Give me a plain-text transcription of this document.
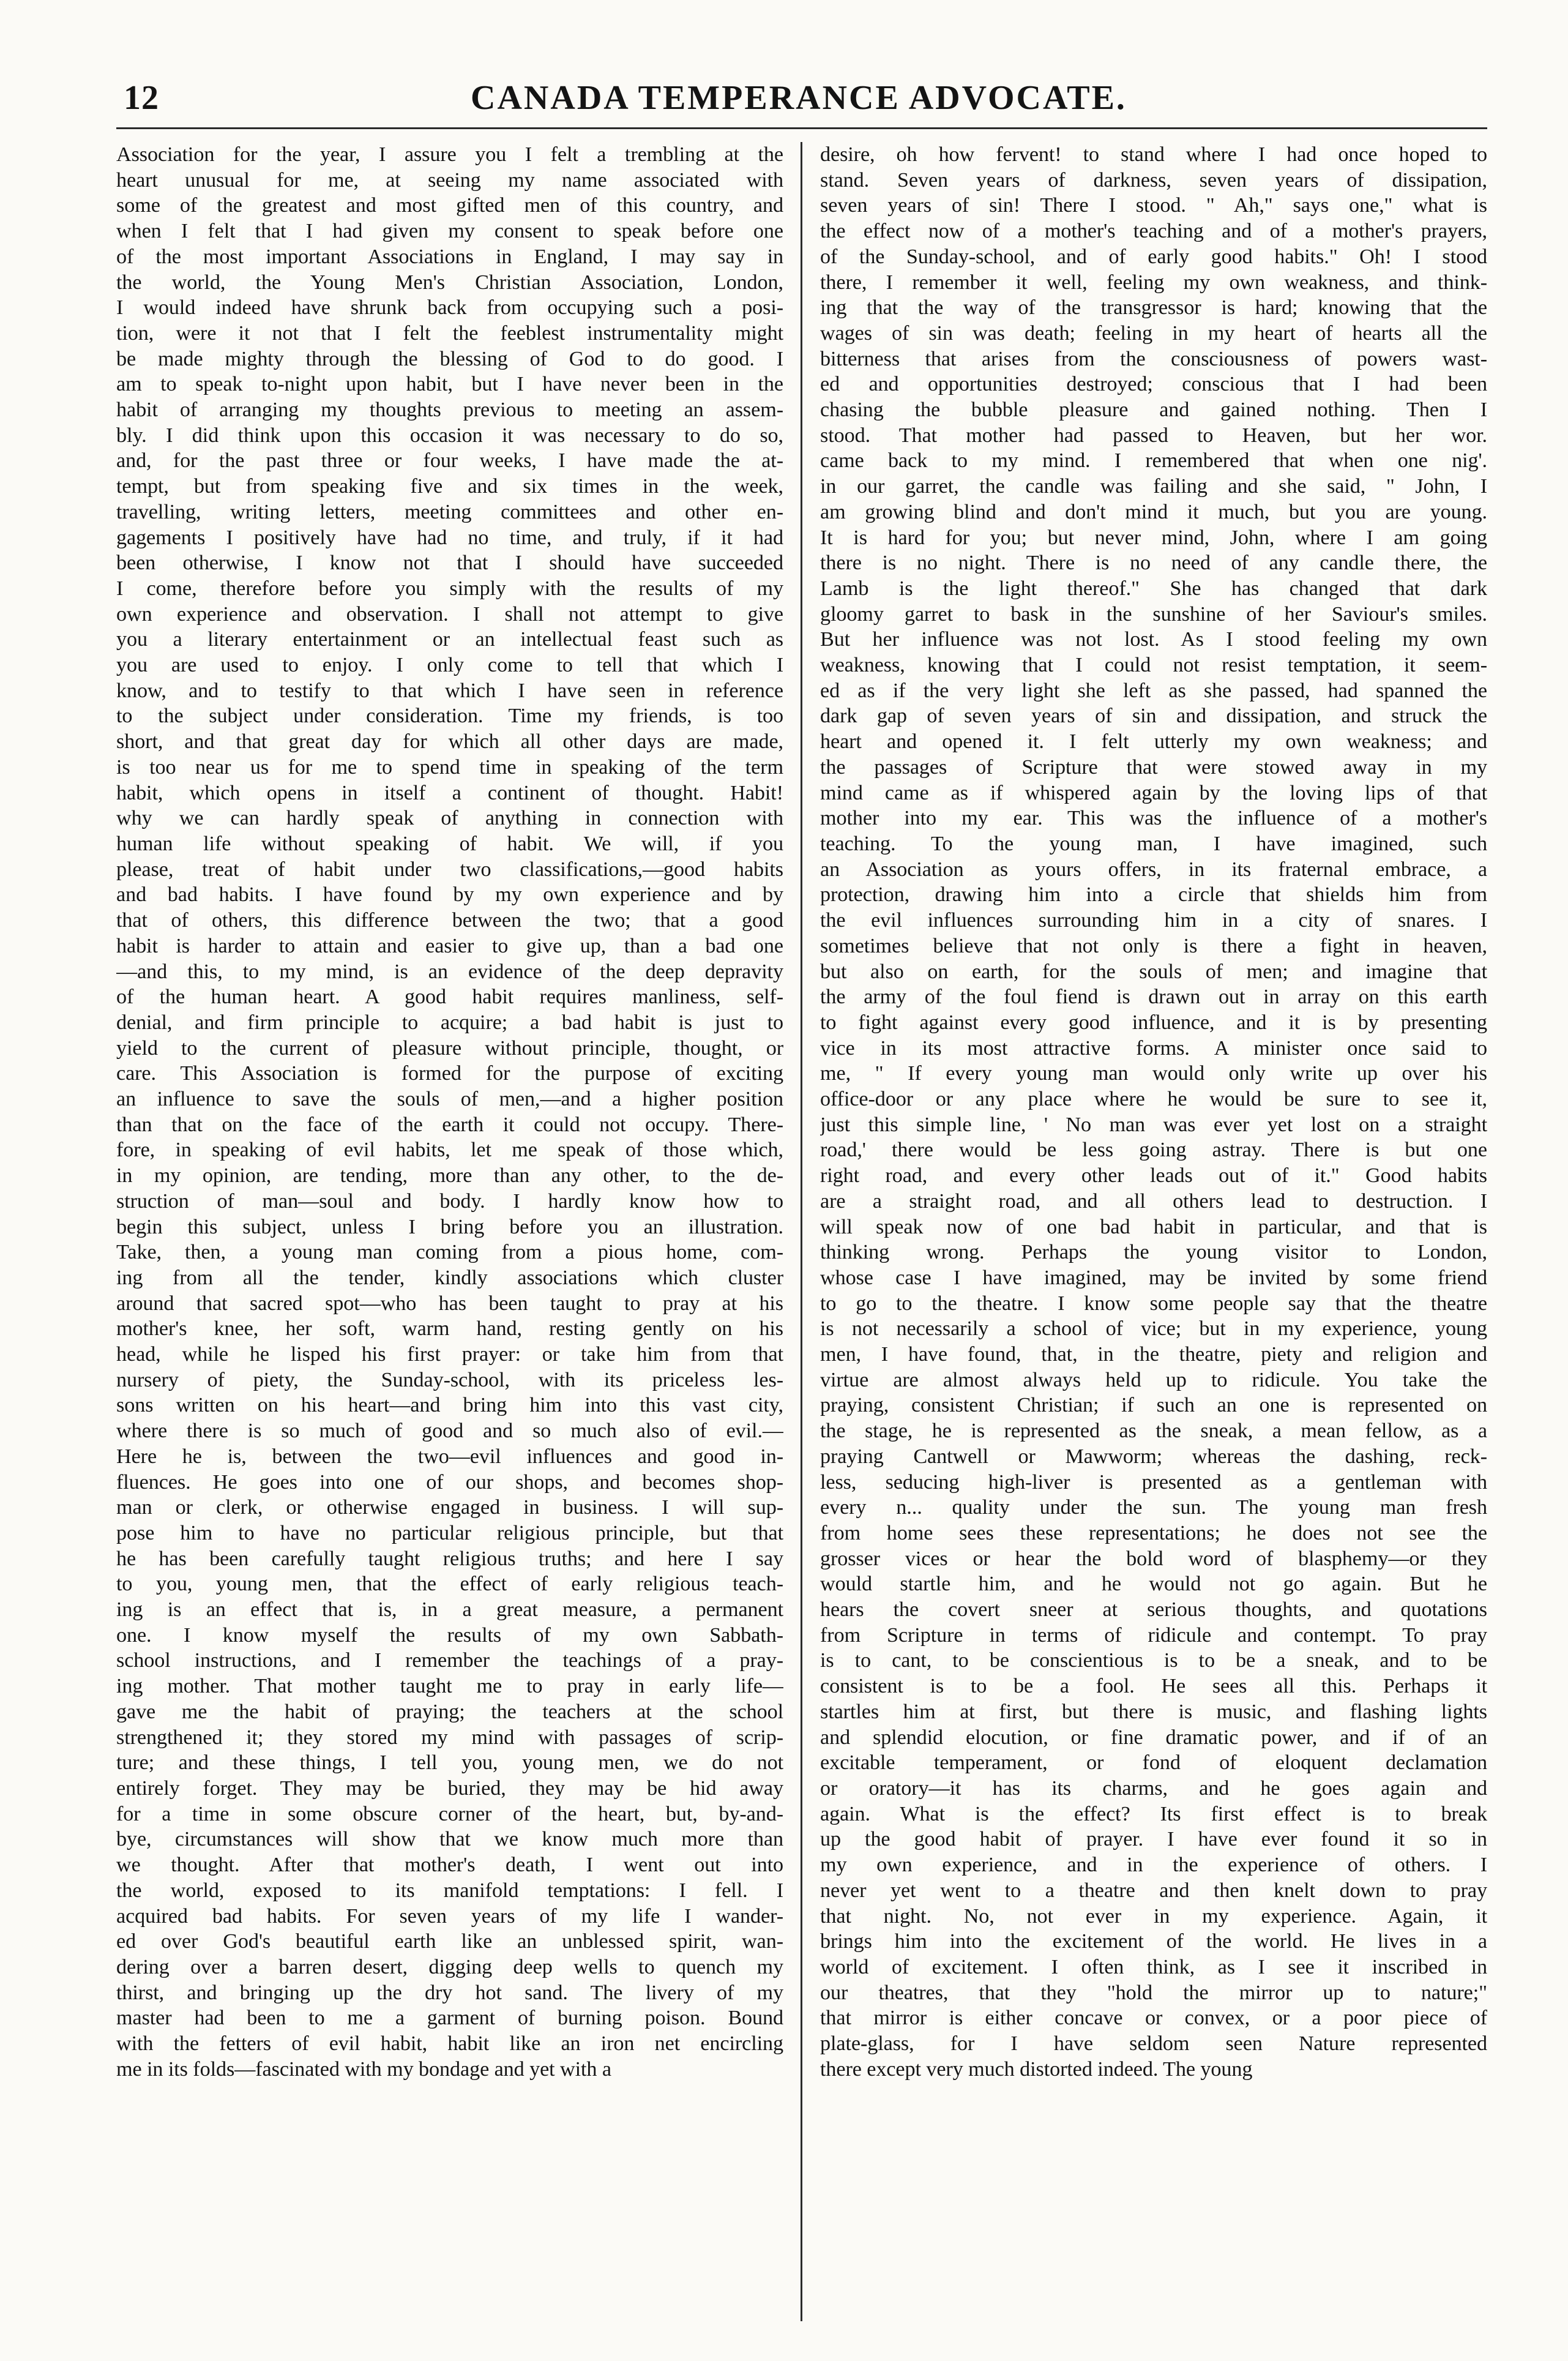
12	CANADA TEMPERANCE ADVOCATE.
Association for the year, I assure you I felt a trembling at the
heart unusual for me, at seeing my name associated with
some of the greatest and most gifted men of this country, and
when I felt that I had given my consent to speak before one
of the most important Associations in England, I may say in
the world, the Young Men's Christian Association, London,
I would indeed have shrunk back from occupying such a posi-
tion, were it not that I felt the feeblest instrumentality might
be made mighty through the blessing of God to do good. I
am to speak to-night upon habit, but I have never been in the
habit of arranging my thoughts previous to meeting an assem-
bly. I did think upon this occasion it was necessary to do so,
and, for the past three or four weeks, I have made the at-
tempt, but from speaking five and six times in the week,
travelling, writing letters, meeting committees and other en-
gagements I positively have had no time, and truly, if it had
been otherwise, I know not that I should have succeeded
I come, therefore before you simply with the results of my
own experience and observation. I shall not attempt to give
you a literary entertainment or an intellectual feast such as
you are used to enjoy. I only come to tell that which I
know, and to testify to that which I have seen in reference
to the subject under consideration. Time my friends, is too
short, and that great day for which all other days are made,
is too near us for me to spend time in speaking of the term
habit, which opens in itself a continent of thought. Habit!
why we can hardly speak of anything in connection with
human life without speaking of habit. We will, if you
please, treat of habit under two classifications,—good habits
and bad habits. I have found by my own experience and by
that of others, this difference between the two; that a good
habit is harder to attain and easier to give up, than a bad one
—and this, to my mind, is an evidence of the deep depravity
of the human heart. A good habit requires manliness, self-
denial, and firm principle to acquire; a bad habit is just to
yield to the current of pleasure without principle, thought, or
care. This Association is formed for the purpose of exciting
an influence to save the souls of men,—and a higher position
than that on the face of the earth it could not occupy. There-
fore, in speaking of evil habits, let me speak of those which,
in my opinion, are tending, more than any other, to the de-
struction of man—soul and body. I hardly know how to
begin this subject, unless I bring before you an illustration.
Take, then, a young man coming from a pious home, com-
ing from all the tender, kindly associations which cluster
around that sacred spot—who has been taught to pray at his
mother's knee, her soft, warm hand, resting gently on his
head, while he lisped his first prayer: or take him from that
nursery of piety, the Sunday-school, with its priceless les-
sons written on his heart—and bring him into this vast city,
where there is so much of good and so much also of evil.—
Here he is, between the two—evil influences and good in-
fluences. He goes into one of our shops, and becomes shop-
man or clerk, or otherwise engaged in business. I will sup-
pose him to have no particular religious principle, but that
he has been carefully taught religious truths; and here I say
to you, young men, that the effect of early religious teach-
ing is an effect that is, in a great measure, a permanent
one. I know myself the results of my own Sabbath-
school instructions, and I remember the teachings of a pray-
ing mother. That mother taught me to pray in early life—
gave me the habit of praying; the teachers at the school
strengthened it; they stored my mind with passages of scrip-
ture; and these things, I tell you, young men, we do not
entirely forget. They may be buried, they may be hid away
for a time in some obscure corner of the heart, but, by-and-
bye, circumstances will show that we know much more than
we thought. After that mother's death, I went out into
the world, exposed to its manifold temptations: I fell. I
acquired bad habits. For seven years of my life I wander-
ed over God's beautiful earth like an unblessed spirit, wan-
dering over a barren desert, digging deep wells to quench my
thirst, and bringing up the dry hot sand. The livery of my
master had been to me a garment of burning poison. Bound
with the fetters of evil habit, habit like an iron net encircling
me in its folds—fascinated with my bondage and yet with a
desire, oh how fervent! to stand where I had once hoped to
stand. Seven years of darkness, seven years of dissipation,
seven years of sin! There I stood. " Ah," says one," what is
the effect now of a mother's teaching and of a mother's prayers,
of the Sunday-school, and of early good habits." Oh! I stood
there, I remember it well, feeling my own weakness, and think-
ing that the way of the transgressor is hard; knowing that the
wages of sin was death; feeling in my heart of hearts all the
bitterness that arises from the consciousness of powers wast-
ed and opportunities destroyed; conscious that I had been
chasing the bubble pleasure and gained nothing. Then I
stood. That mother had passed to Heaven, but her wor.
came back to my mind. I remembered that when one nig'.
in our garret, the candle was failing and she said, " John, I
am growing blind and don't mind it much, but you are young.
It is hard for you; but never mind, John, where I am going
there is no night. There is no need of any candle there, the
Lamb is the light thereof." She has changed that dark
gloomy garret to bask in the sunshine of her Saviour's smiles.
But her influence was not lost. As I stood feeling my own
weakness, knowing that I could not resist temptation, it seem-
ed as if the very light she left as she passed, had spanned the
dark gap of seven years of sin and dissipation, and struck the
heart and opened it. I felt utterly my own weakness; and
the passages of Scripture that were stowed away in my
mind came as if whispered again by the loving lips of that
mother into my ear. This was the influence of a mother's
teaching. To the young man, I have imagined, such
an Association as yours offers, in its fraternal embrace, a
protection, drawing him into a circle that shields him from
the evil influences surrounding him in a city of snares. I
sometimes believe that not only is there a fight in heaven,
but also on earth, for the souls of men; and imagine that
the army of the foul fiend is drawn out in array on this earth
to fight against every good influence, and it is by presenting
vice in its most attractive forms. A minister once said to
me, " If every young man would only write up over his
office-door or any place where he would be sure to see it,
just this simple line, ' No man was ever yet lost on a straight
road,' there would be less going astray. There is but one
right road, and every other leads out of it." Good habits
are a straight road, and all others lead to destruction. I
will speak now of one bad habit in particular, and that is
thinking wrong. Perhaps the young visitor to London,
whose case I have imagined, may be invited by some friend
to go to the theatre. I know some people say that the theatre
is not necessarily a school of vice; but in my experience, young
men, I have found, that, in the theatre, piety and religion and
virtue are almost always held up to ridicule. You take the
praying, consistent Christian; if such an one is represented on
the stage, he is represented as the sneak, a mean fellow, as a
praying Cantwell or Mawworm; whereas the dashing, reck-
less, seducing high-liver is presented as a gentleman with
every n... quality under the sun. The young man fresh
from home sees these representations; he does not see the
grosser vices or hear the bold word of blasphemy—or they
would startle him, and he would not go again. But he
hears the covert sneer at serious thoughts, and quotations
from Scripture in terms of ridicule and contempt. To pray
is to cant, to be conscientious is to be a sneak, and to be
consistent is to be a fool. He sees all this. Perhaps it
startles him at first, but there is music, and flashing lights
and splendid elocution, or fine dramatic power, and if of an
excitable temperament, or fond of eloquent declamation
or oratory—it has its charms, and he goes again and
again. What is the effect? Its first effect is to break
up the good habit of prayer. I have ever found it so in
my own experience, and in the experience of others. I
never yet went to a theatre and then knelt down to pray
that night. No, not ever in my experience. Again, it
brings him into the excitement of the world. He lives in a
world of excitement. I often think, as I see it inscribed in
our theatres, that they "hold the mirror up to nature;"
that mirror is either concave or convex, or a poor piece of
plate-glass, for I have seldom seen Nature represented
there except very much distorted indeed. The young
